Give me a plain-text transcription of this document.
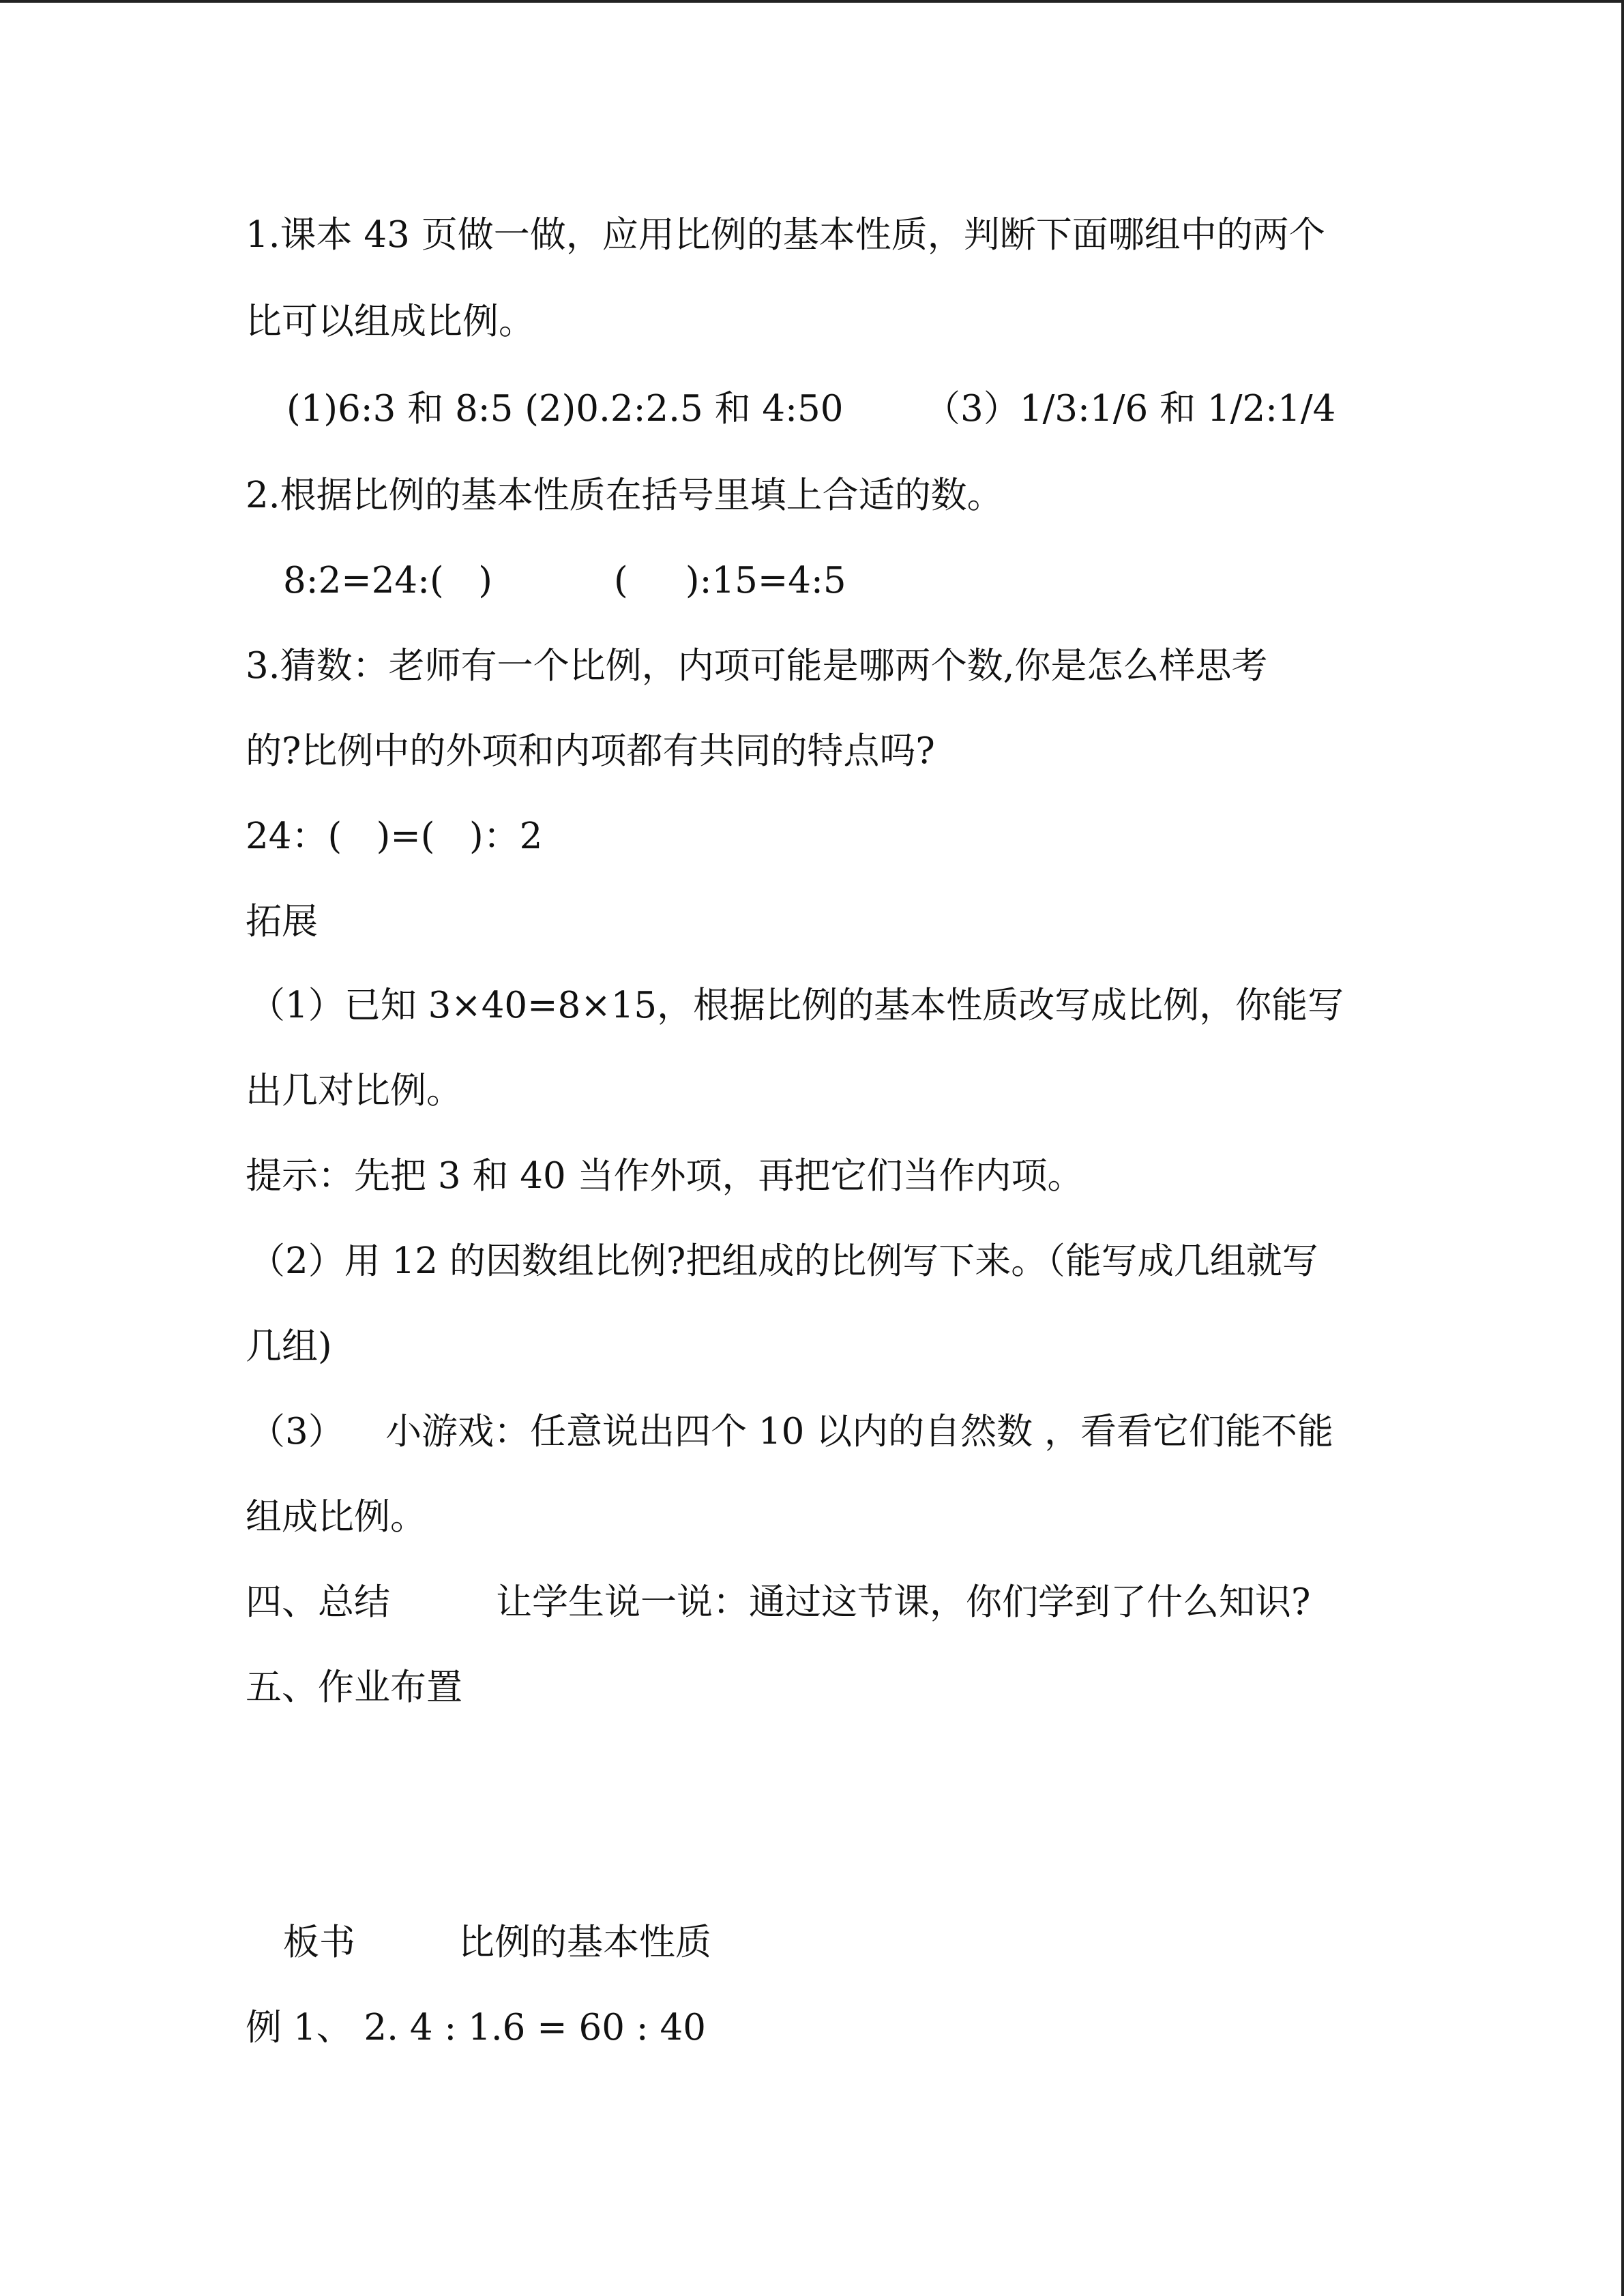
1.课本 43 页做一做，应用比例的基本性质，判断下面哪组中的两个

比可以组成比例。

(1)6:3 和 8:5 (2)0.2:2.5 和 4:50

（3）1/3:1/6 和 1/2:1/4

2.根据比例的基本性质在括号里填上合适的数。

8:2=24:(   )

	(     ):15=4:5

3.猜数：老师有一个比例，内项可能是哪两个数,你是怎么样思考

的?比例中的外项和内项都有共同的特点吗?

24：(   )=(   )：2

拓展

（1）已知 3×40=8×15，根据比例的基本性质改写成比例，你能写

出几对比例。

提示：先把 3 和 40 当作外项，再把它们当作内项。

（2）用 12 的因数组比例?把组成的比例写下来。（能写成几组就写

几组)

（3）

小游戏：任意说出四个 10 以内的自然数 ，看看它们能不能

组成比例。

四、总结

	让学生说一说：通过这节课，你们学到了什么知识?

五、作业布置

板书

	比例的基本性质

例 1、 2. 4 : 1.6 = 60 : 40
